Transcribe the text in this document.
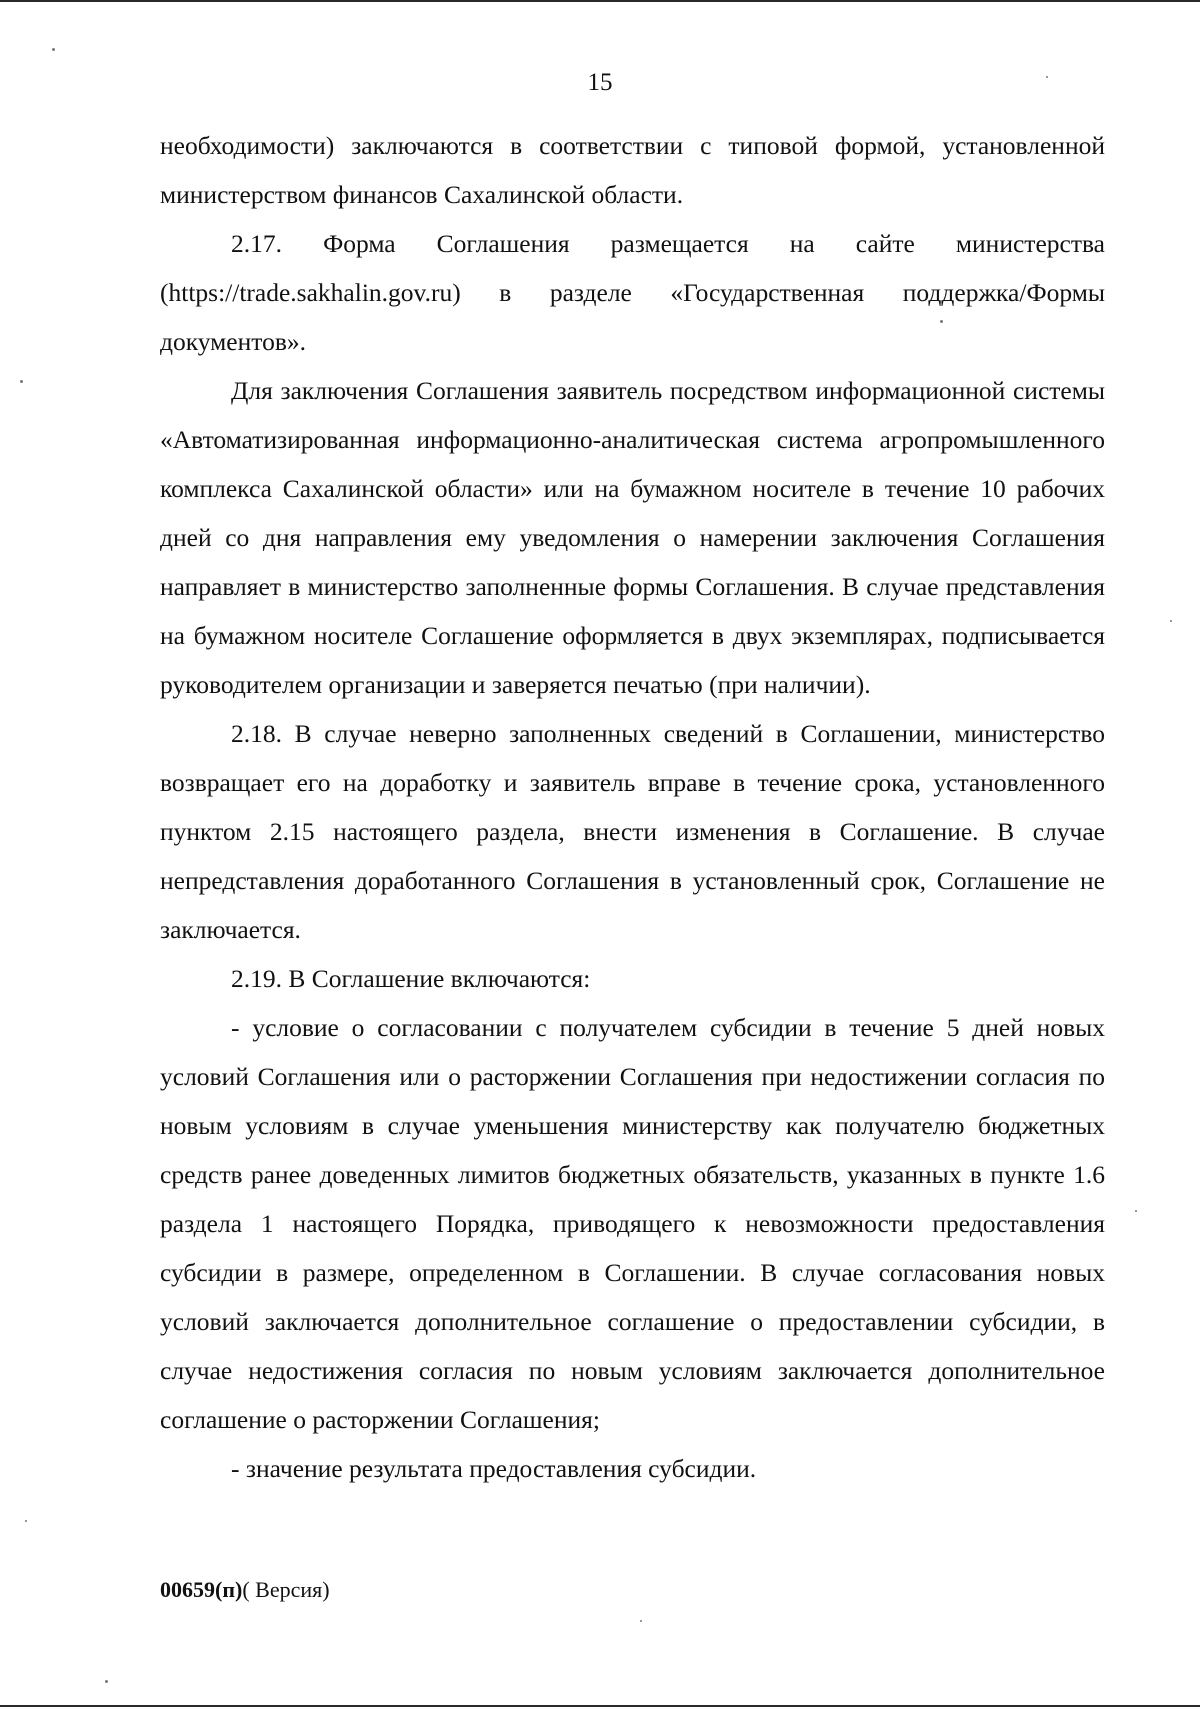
15

необходимости) заключаются в соответствии с типовой формой, установленной министерством финансов Сахалинской области.

2.17. Форма Соглашения размещается на сайте министерства (https://trade.sakhalin.gov.ru) в разделе «Государственная поддержка/Формы документов».

Для заключения Соглашения заявитель посредством информационной системы «Автоматизированная информационно-аналитическая система агропромышленного комплекса Сахалинской области» или на бумажном носителе в течение 10 рабочих дней со дня направления ему уведомления о намерении заключения Соглашения направляет в министерство заполненные формы Соглашения. В случае представления на бумажном носителе Соглашение оформляется в двух экземплярах, подписывается руководителем организации и заверяется печатью (при наличии).

2.18. В случае неверно заполненных сведений в Соглашении, министерство возвращает его на доработку и заявитель вправе в течение срока, установленного пунктом 2.15 настоящего раздела, внести изменения в Соглашение. В случае непредставления доработанного Соглашения в установленный срок, Соглашение не заключается.

2.19. В Соглашение включаются:

- условие о согласовании с получателем субсидии в течение 5 дней новых условий Соглашения или о расторжении Соглашения при недостижении согласия по новым условиям в случае уменьшения министерству как получателю бюджетных средств ранее доведенных лимитов бюджетных обязательств, указанных в пункте 1.6 раздела 1 настоящего Порядка, приводящего к невозможности предоставления субсидии в размере, определенном в Соглашении. В случае согласования новых условий заключается дополнительное соглашение о предоставлении субсидии, в случае недостижения согласия по новым условиям заключается дополнительное соглашение о расторжении Соглашения;

- значение результата предоставления субсидии.

00659(п)( Версия)
